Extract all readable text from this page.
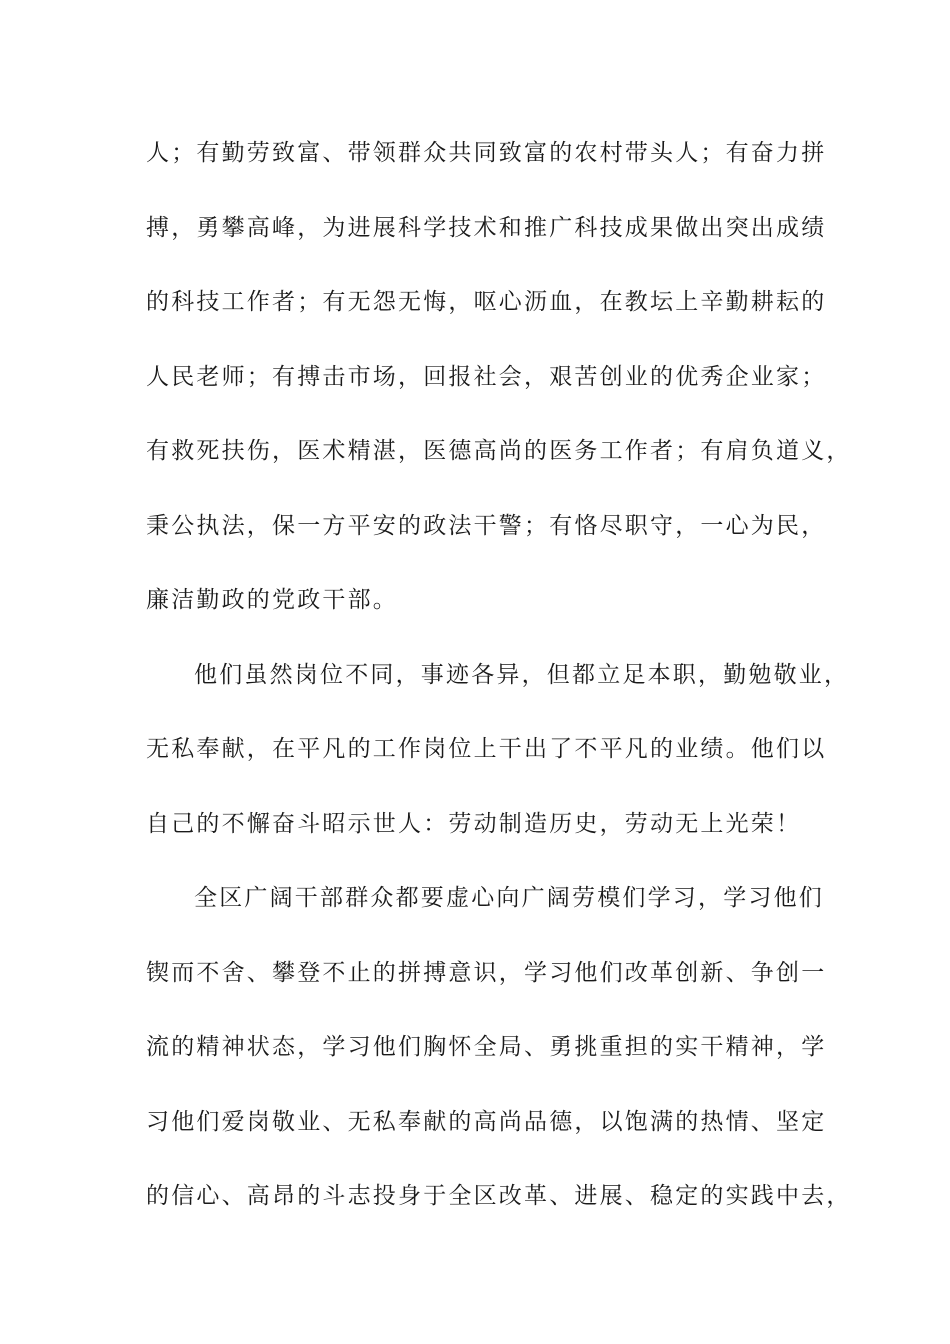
人；有勤劳致富、带领群众共同致富的农村带头人；有奋力拼
搏，勇攀高峰，为进展科学技术和推广科技成果做出突出成绩
的科技工作者；有无怨无悔，呕心沥血，在教坛上辛勤耕耘的
人民老师；有搏击市场，回报社会，艰苦创业的优秀企业家；
有救死扶伤，医术精湛，医德高尚的医务工作者；有肩负道义，
秉公执法，保一方平安的政法干警；有恪尽职守，一心为民，
廉洁勤政的党政干部。
他们虽然岗位不同，事迹各异，但都立足本职，勤勉敬业，
无私奉献，在平凡的工作岗位上干出了不平凡的业绩。他们以
自己的不懈奋斗昭示世人：劳动制造历史，劳动无上光荣！
全区广阔干部群众都要虚心向广阔劳模们学习，学习他们
锲而不舍、攀登不止的拼搏意识，学习他们改革创新、争创一
流的精神状态，学习他们胸怀全局、勇挑重担的实干精神，学
习他们爱岗敬业、无私奉献的高尚品德，以饱满的热情、坚定
的信心、高昂的斗志投身于全区改革、进展、稳定的实践中去，
